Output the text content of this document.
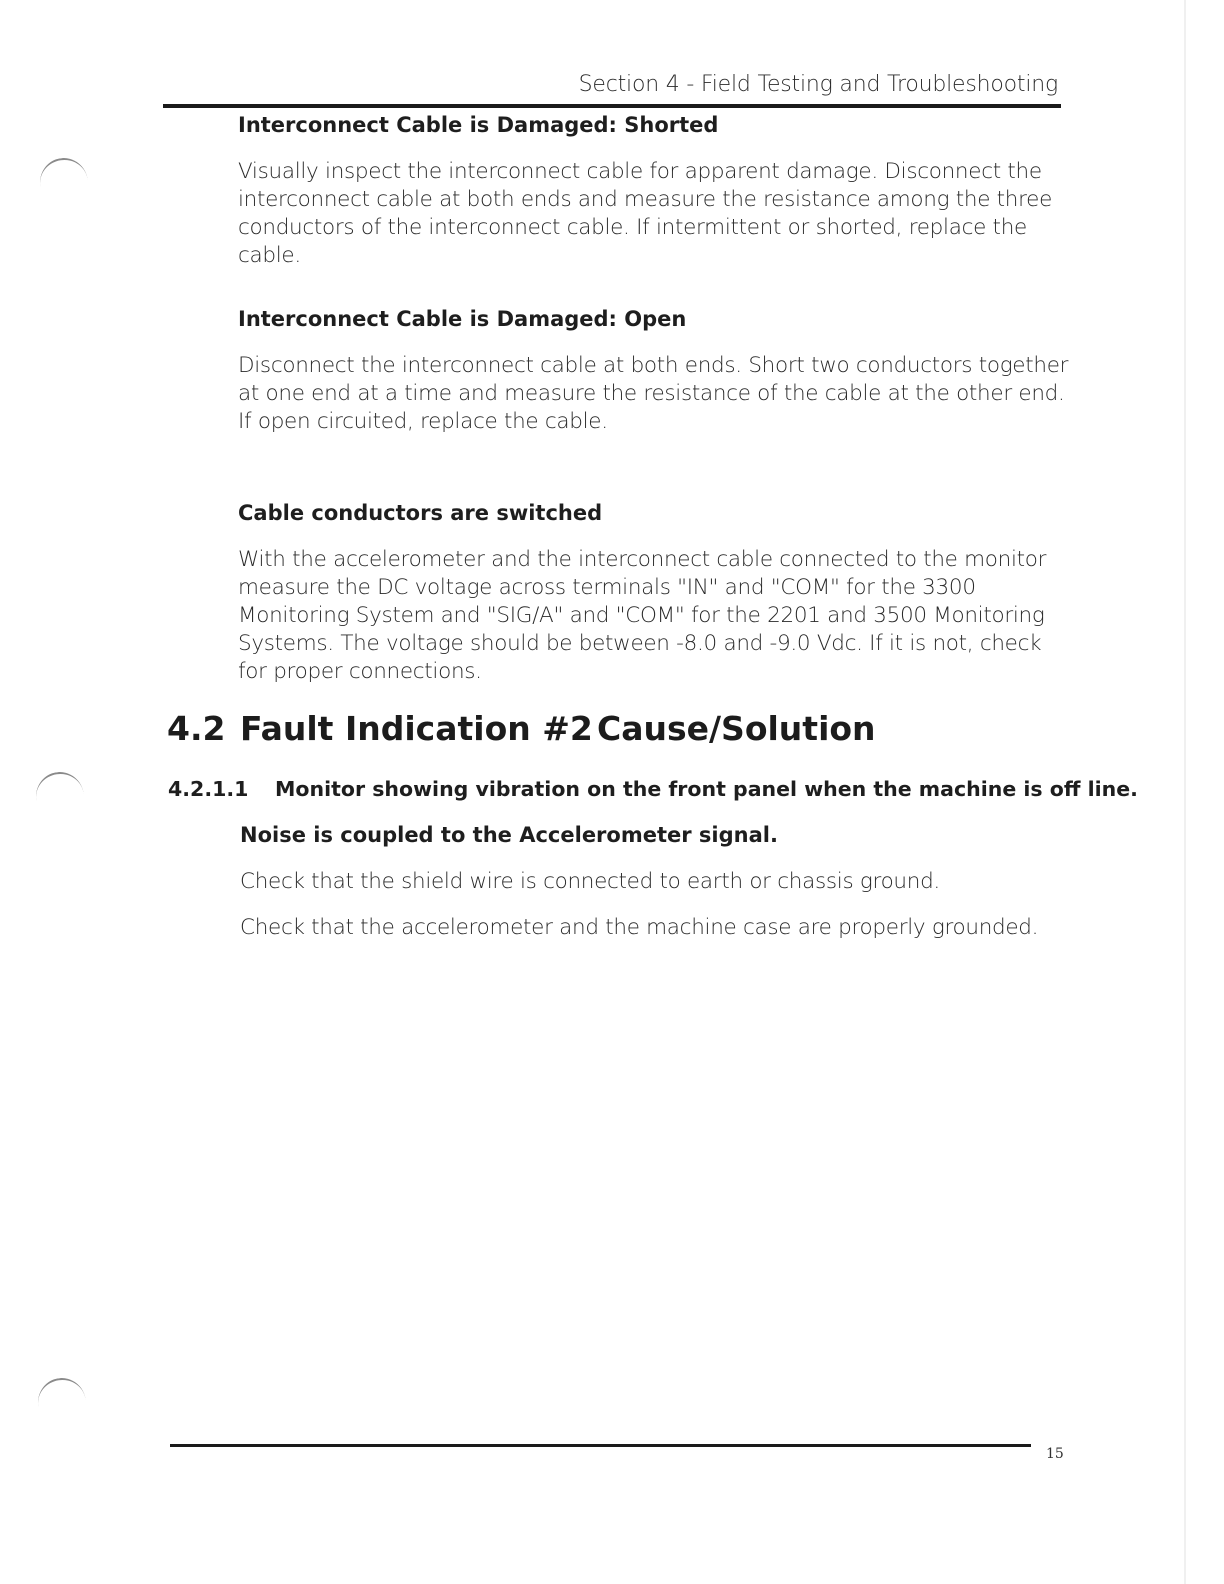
Section 4 - Field Testing and Troubleshooting
Interconnect Cable is Damaged: Shorted

Visually inspect the interconnect cable for apparent damage. Disconnect the interconnect cable at both ends and measure the resistance among the three conductors of the interconnect cable. If intermittent or shorted, replace the cable.

Interconnect Cable is Damaged: Open

Disconnect the interconnect cable at both ends. Short two conductors together at one end at a time and measure the resistance of the cable at the other end. If open circuited, replace the cable.

Cable conductors are switched

With the accelerometer and the interconnect cable connected to the monitor measure the DC voltage across terminals "IN" and "COM" for the 3300 Monitoring System and "SIG/A" and "COM" for the 2201 and 3500 Monitoring Systems. The voltage should be between -8.0 and -9.0 Vdc. If it is not, check for proper connections.

4.2 Fault Indication #2 Cause/Solution
4.2.1.1 Monitor showing vibration on the front panel when the machine is off line.
Noise is coupled to the Accelerometer signal.

Check that the shield wire is connected to earth or chassis ground.

Check that the accelerometer and the machine case are properly grounded.

15
